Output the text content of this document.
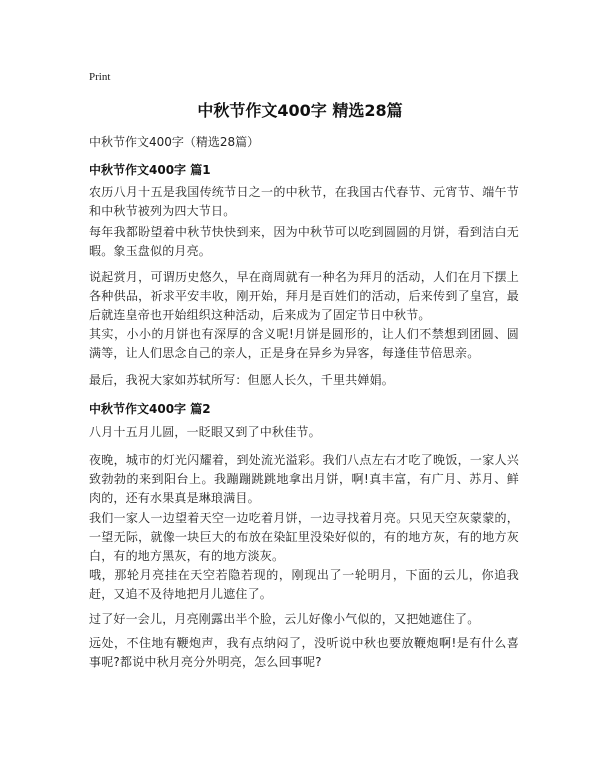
Print
中秋节作文400字 精选28篇
中秋节作文400字（精选28篇）
中秋节作文400字 篇1
农历八月十五是我国传统节日之一的中秋节，在我国古代春节、元宵节、端午节和中秋节被列为四大节日。
每年我都盼望着中秋节快快到来，因为中秋节可以吃到圆圆的月饼，看到洁白无暇。象玉盘似的月亮。
说起赏月，可谓历史悠久，早在商周就有一种名为拜月的活动，人们在月下摆上各种供品，祈求平安丰收，刚开始，拜月是百姓们的活动，后来传到了皇宫，最后就连皇帝也开始组织这种活动，后来成为了固定节日中秋节。
其实，小小的月饼也有深厚的含义呢!月饼是圆形的，让人们不禁想到团圆、圆满等，让人们思念自己的亲人，正是身在异乡为异客，每逢佳节倍思亲。
最后，我祝大家如苏轼所写：但愿人长久，千里共婵娟。
中秋节作文400字 篇2
八月十五月儿圆，一眨眼又到了中秋佳节。
夜晚，城市的灯光闪耀着，到处流光溢彩。我们八点左右才吃了晚饭，一家人兴致勃勃的来到阳台上。我蹦蹦跳跳地拿出月饼，啊!真丰富，有广月、苏月、鲜肉的，还有水果真是琳琅满目。
我们一家人一边望着天空一边吃着月饼，一边寻找着月亮。只见天空灰蒙蒙的，一望无际，就像一块巨大的布放在染缸里没染好似的，有的地方灰，有的地方灰白，有的地方黑灰，有的地方淡灰。
哦，那轮月亮挂在天空若隐若现的，刚现出了一轮明月，下面的云儿，你追我赶，又追不及待地把月儿遮住了。
过了好一会儿，月亮刚露出半个脸，云儿好像小气似的，又把她遮住了。
远处，不住地有鞭炮声，我有点纳闷了，没听说中秋也要放鞭炮啊!是有什么喜事呢?都说中秋月亮分外明亮，怎么回事呢?
